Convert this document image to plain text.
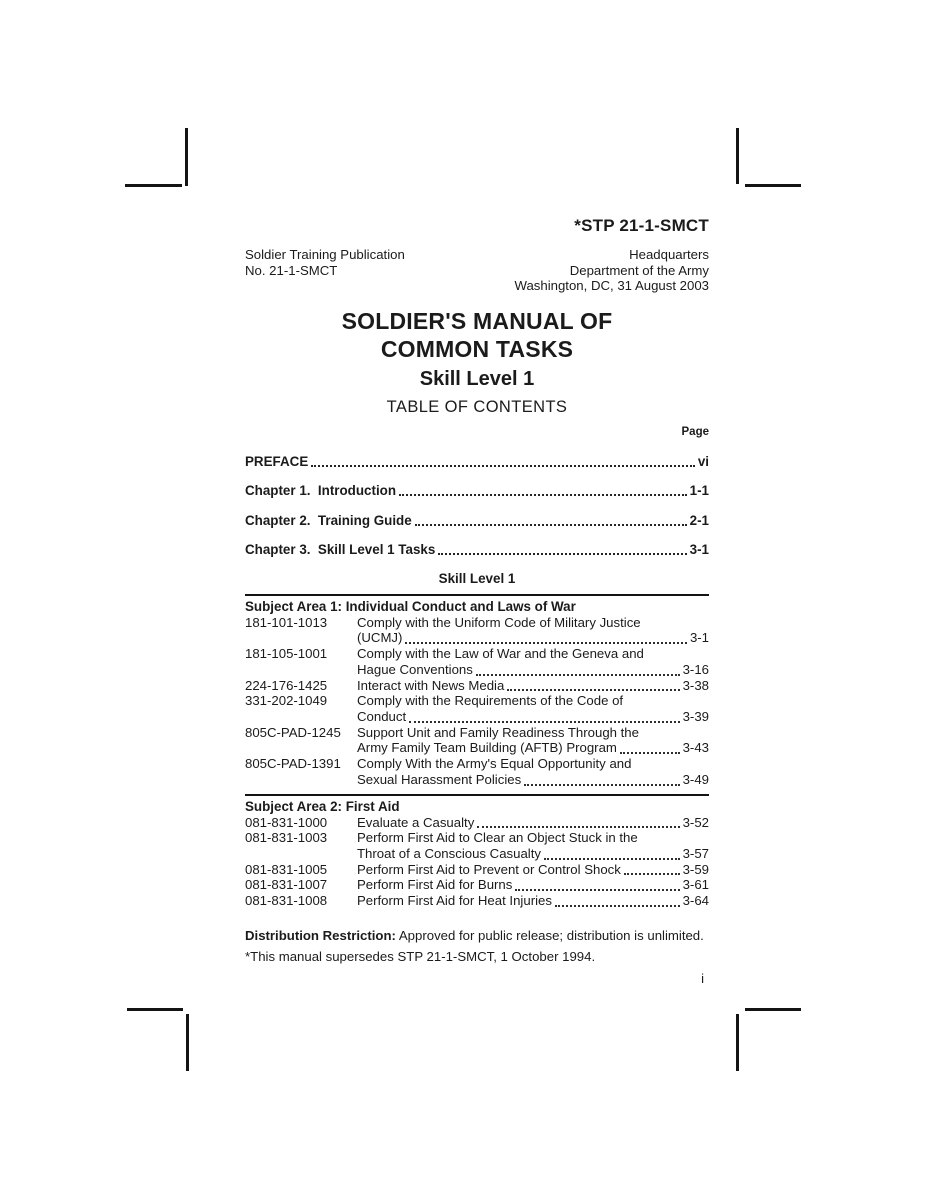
*STP 21-1-SMCT
Soldier Training Publication
No. 21-1-SMCT
Headquarters
Department of the Army
Washington, DC, 31 August 2003
SOLDIER'S MANUAL OF
COMMON TASKS
Skill Level 1
TABLE OF CONTENTS
Page
PREFACE	vi
Chapter 1.  Introduction	1-1
Chapter 2.  Training Guide	2-1
Chapter 3.  Skill Level 1 Tasks	3-1
Skill Level 1
Subject Area 1: Individual Conduct and Laws of War
181-101-1013	Comply with the Uniform Code of Military Justice
(UCMJ)	3-1
181-105-1001	Comply with the Law of War and the Geneva and
Hague Conventions	3-16
224-176-1425	Interact with News Media	3-38
331-202-1049	Comply with the Requirements of the Code of
Conduct	3-39
805C-PAD-1245	Support Unit and Family Readiness Through the
Army Family Team Building (AFTB) Program	3-43
805C-PAD-1391	Comply With the Army's Equal Opportunity and
Sexual Harassment Policies	3-49
Subject Area 2: First Aid
081-831-1000	Evaluate a Casualty	3-52
081-831-1003	Perform First Aid to Clear an Object Stuck in the
Throat of a Conscious Casualty	3-57
081-831-1005	Perform First Aid to Prevent or Control Shock	3-59
081-831-1007	Perform First Aid for Burns	3-61
081-831-1008	Perform First Aid for Heat Injuries	3-64
Distribution Restriction: Approved for public release; distribution is unlimited.
*This manual supersedes STP 21-1-SMCT, 1 October 1994.
i
